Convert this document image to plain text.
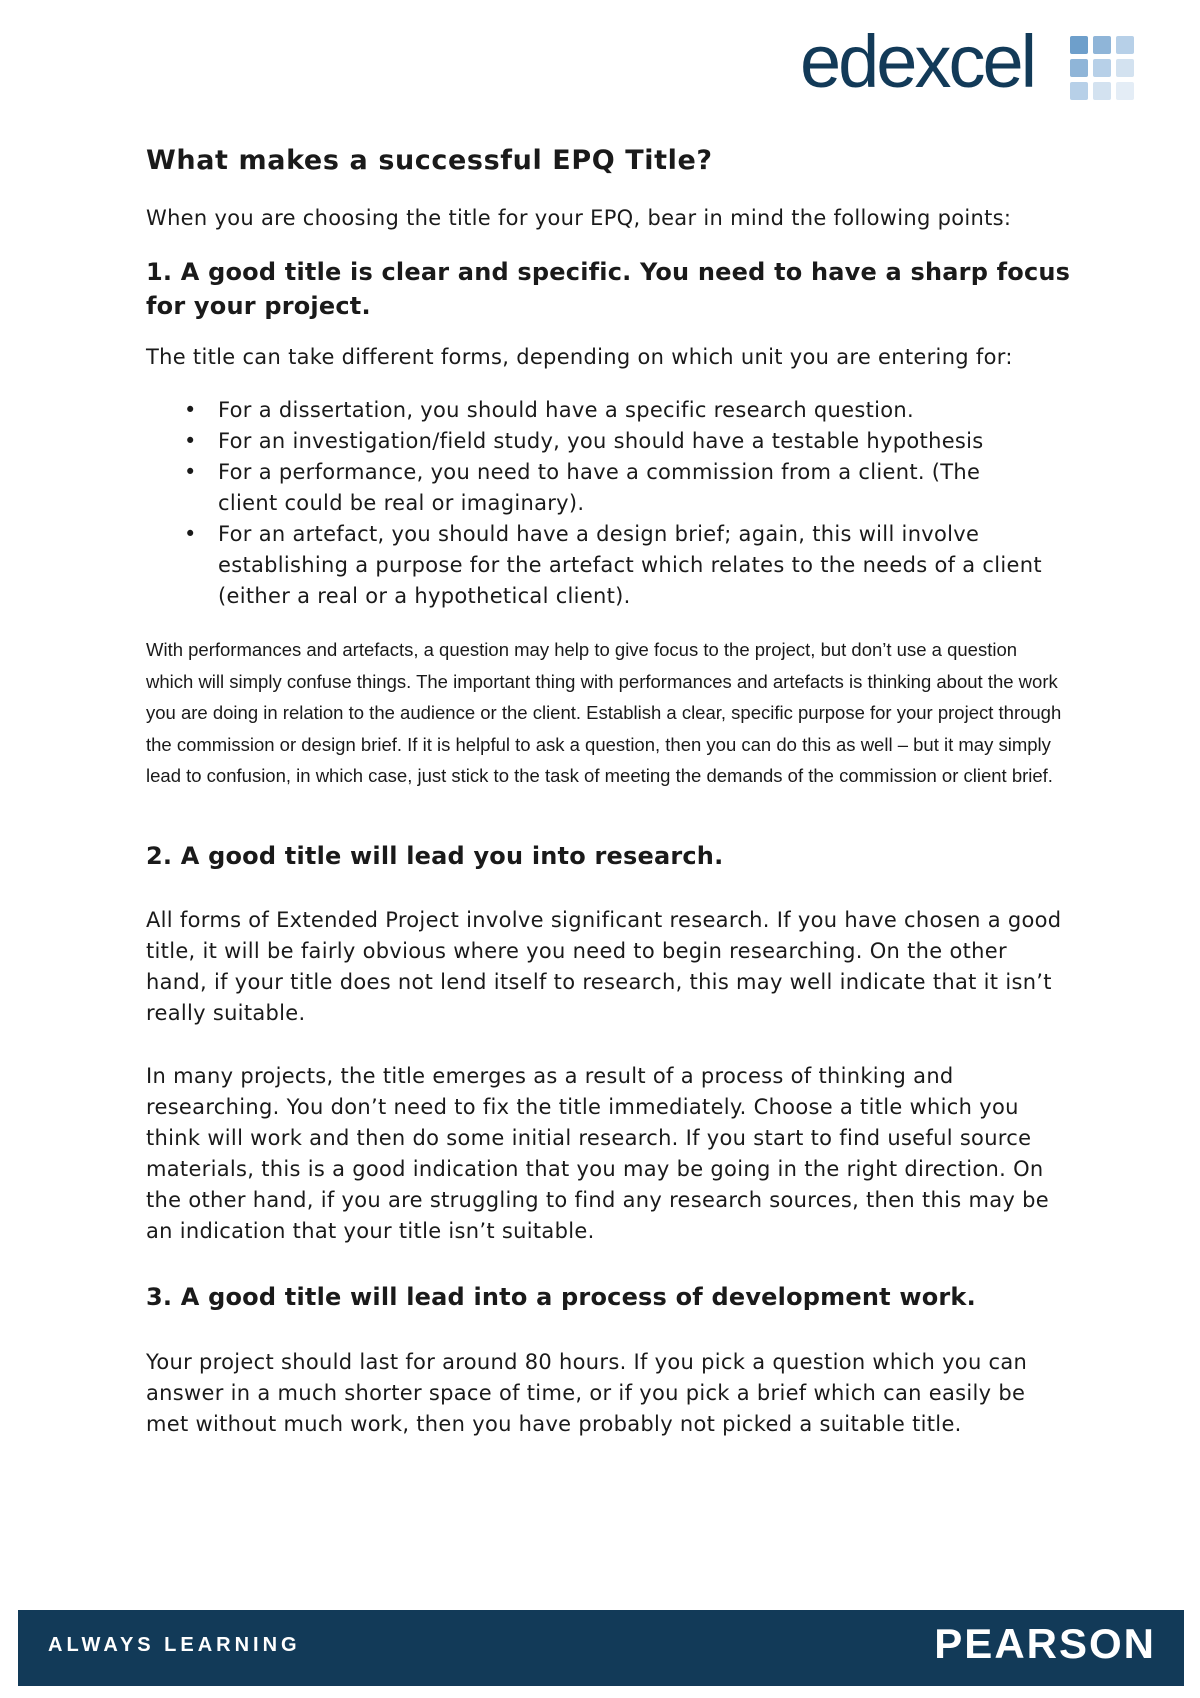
edexcel
What makes a successful EPQ Title?

When you are choosing the title for your EPQ, bear in mind the following points:

1. A good title is clear and specific. You need to have a sharp focus for your project.

The title can take different forms, depending on which unit you are entering for:

• For a dissertation, you should have a specific research question.
• For an investigation/field study, you should have a testable hypothesis
• For a performance, you need to have a commission from a client. (The client could be real or imaginary).
• For an artefact, you should have a design brief; again, this will involve establishing a purpose for the artefact which relates to the needs of a client (either a real or a hypothetical client).

With performances and artefacts, a question may help to give focus to the project, but don’t use a question which will simply confuse things. The important thing with performances and artefacts is thinking about the work you are doing in relation to the audience or the client. Establish a clear, specific purpose for your project through the commission or design brief. If it is helpful to ask a question, then you can do this as well – but it may simply lead to confusion, in which case, just stick to the task of meeting the demands of the commission or client brief.

2. A good title will lead you into research.

All forms of Extended Project involve significant research. If you have chosen a good title, it will be fairly obvious where you need to begin researching. On the other hand, if your title does not lend itself to research, this may well indicate that it isn’t really suitable.

In many projects, the title emerges as a result of a process of thinking and researching. You don’t need to fix the title immediately. Choose a title which you think will work and then do some initial research. If you start to find useful source materials, this is a good indication that you may be going in the right direction. On the other hand, if you are struggling to find any research sources, then this may be an indication that your title isn’t suitable.

3. A good title will lead into a process of development work.

Your project should last for around 80 hours. If you pick a question which you can answer in a much shorter space of time, or if you pick a brief which can easily be met without much work, then you have probably not picked a suitable title.

ALWAYS LEARNING	PEARSON
